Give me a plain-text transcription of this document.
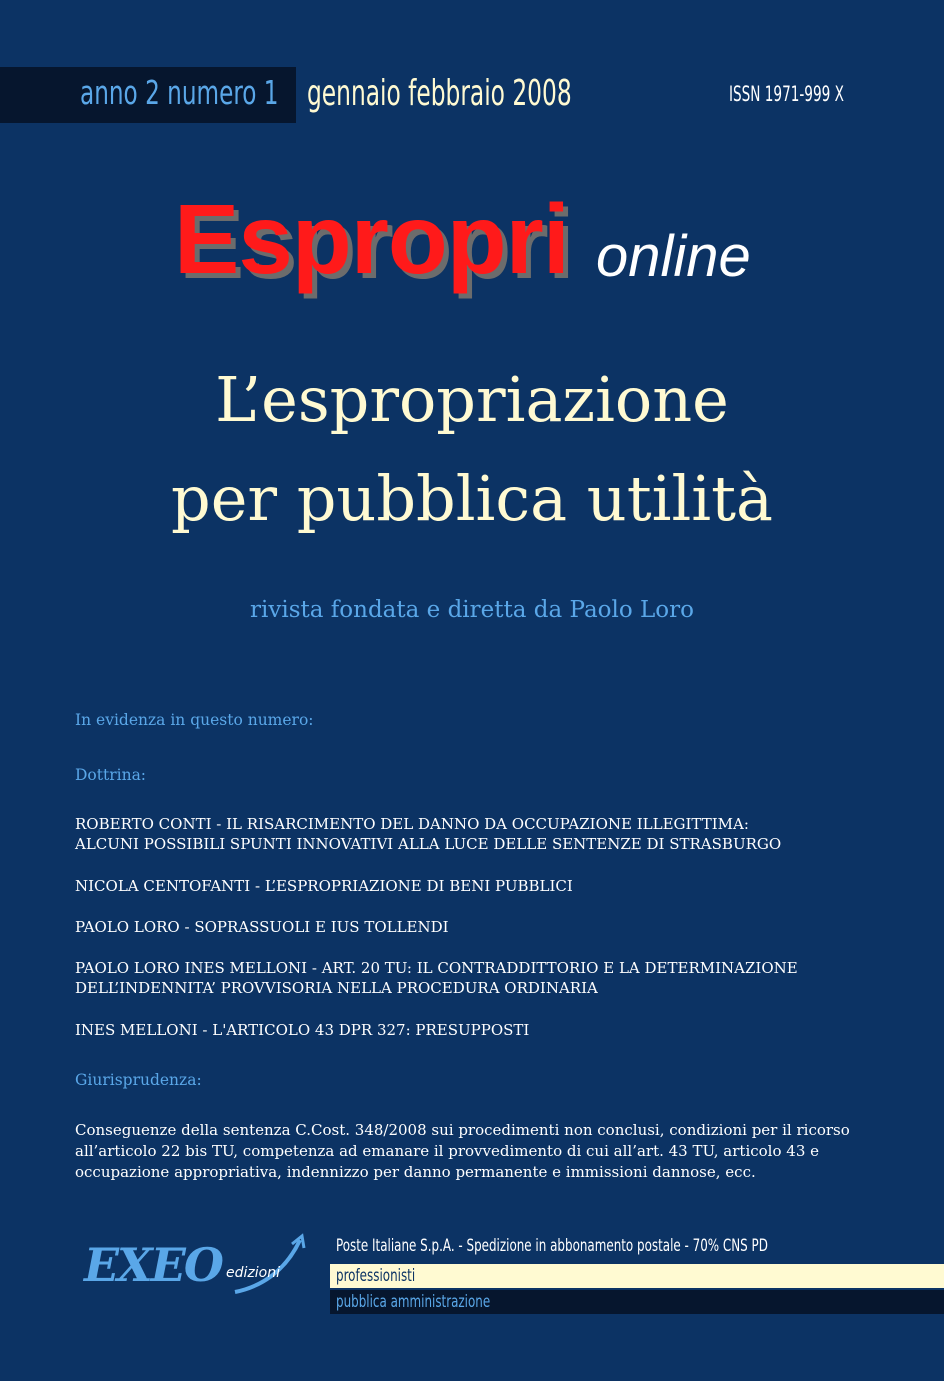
anno 2 numero 1 gennaio febbraio 2008	ISSN 1971-999 X
Espropri online
L’espropriazione
per pubblica utilità
rivista fondata e diretta da Paolo Loro
In evidenza in questo numero:
Dottrina:
ROBERTO CONTI - IL RISARCIMENTO DEL DANNO DA OCCUPAZIONE ILLEGITTIMA:
ALCUNI POSSIBILI SPUNTI INNOVATIVI ALLA LUCE DELLE SENTENZE DI STRASBURGO
NICOLA CENTOFANTI - L’ESPROPRIAZIONE DI BENI PUBBLICI
PAOLO LORO - SOPRASSUOLI E IUS TOLLENDI
PAOLO LORO INES MELLONI - ART. 20 TU: IL CONTRADDITTORIO E LA DETERMINAZIONE
DELL’INDENNITA’ PROVVISORIA NELLA PROCEDURA ORDINARIA
INES MELLONI - L'ARTICOLO 43 DPR 327: PRESUPPOSTI
Giurisprudenza:
Conseguenze della sentenza C.Cost. 348/2008 sui procedimenti non conclusi, condizioni per il ricorso all’articolo 22 bis TU, competenza ad emanare il provvedimento di cui all’art. 43 TU, articolo 43 e occupazione appropriativa, indennizzo per danno permanente e immissioni dannose, ecc.
EXEO edizioni
Poste Italiane S.p.A. - Spedizione in abbonamento postale - 70% CNS PD
professionisti
pubblica amministrazione
